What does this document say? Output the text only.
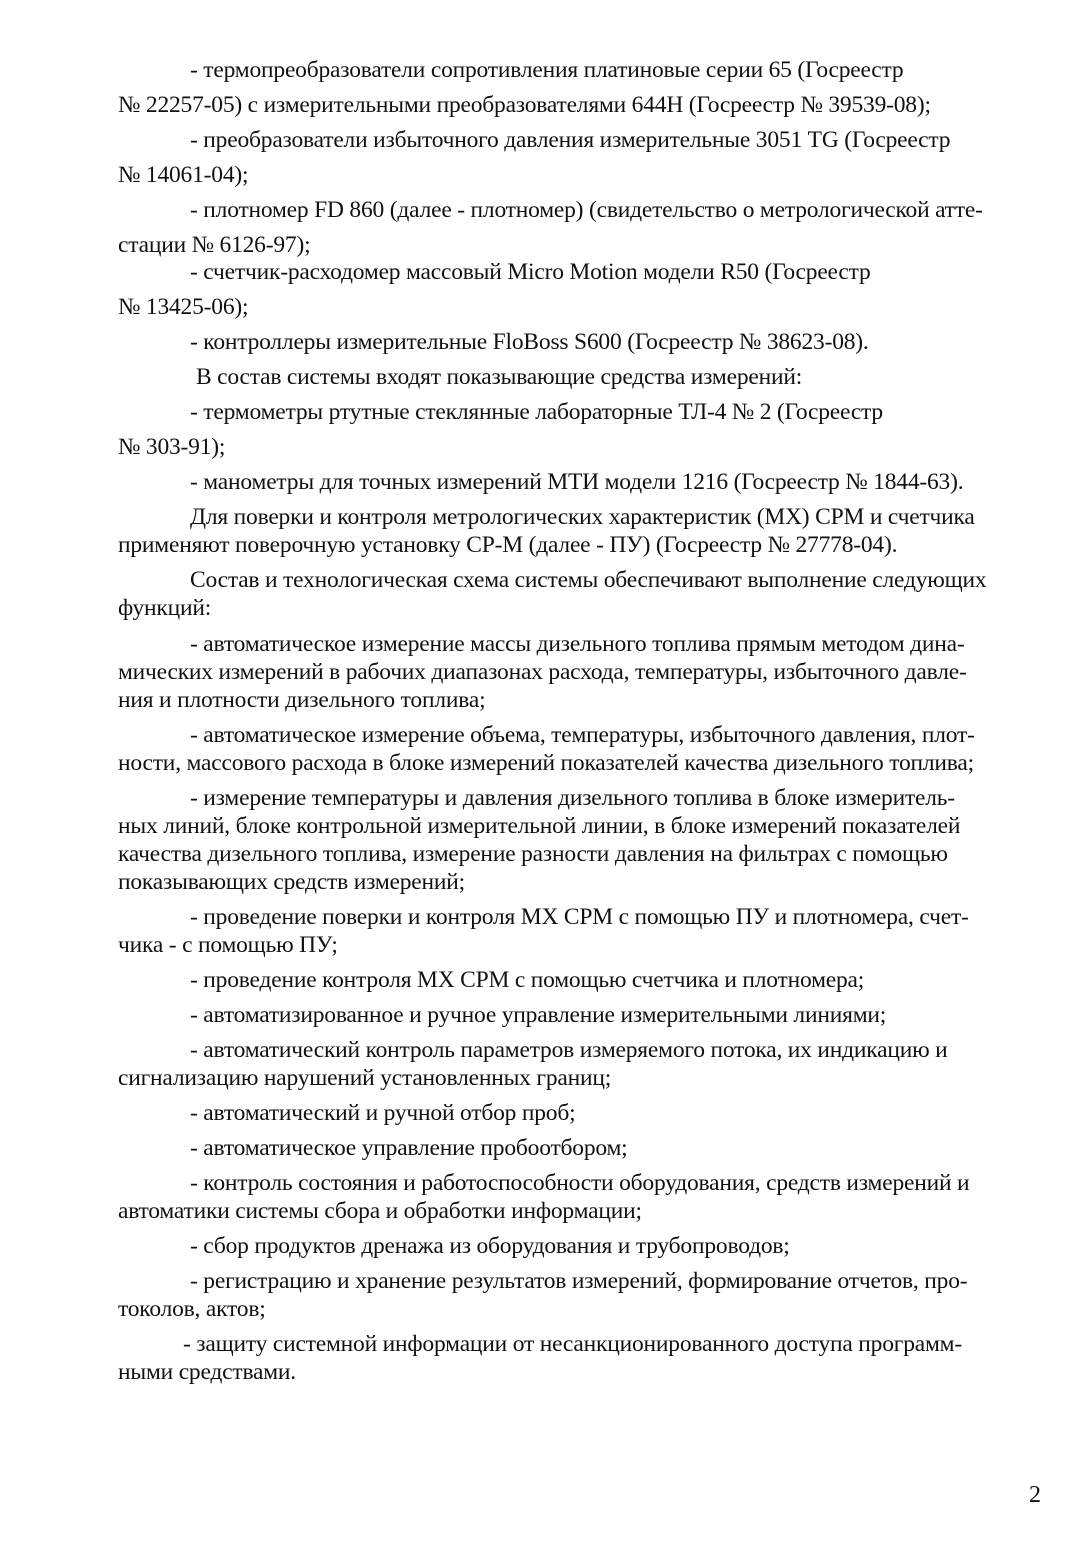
- термопреобразователи сопротивления платиновые серии 65 (Госреестр
№ 22257-05) с измерительными преобразователями 644H (Госреестр № 39539-08);
- преобразователи избыточного давления измерительные 3051 TG (Госреестр
№ 14061-04);
- плотномер FD 860 (далее - плотномер) (свидетельство о метрологической атте-
стации № 6126-97);
- счетчик-расходомер массовый Micro Motion модели R50 (Госреестр
№ 13425-06);
- контроллеры измерительные FloBoss S600 (Госреестр № 38623-08).
В состав системы входят показывающие средства измерений:
- термометры ртутные стеклянные лабораторные ТЛ-4 № 2 (Госреестр
№ 303-91);
- манометры для точных измерений МТИ модели 1216 (Госреестр № 1844-63).
Для поверки и контроля метрологических характеристик (МХ) СРМ и счетчика
применяют поверочную установку СР-М (далее - ПУ) (Госреестр № 27778-04).
Состав и технологическая схема системы обеспечивают выполнение следующих
функций:
- автоматическое измерение массы дизельного топлива прямым методом дина-
мических измерений в рабочих диапазонах расхода, температуры, избыточного давле-
ния и плотности дизельного топлива;
- автоматическое измерение объема, температуры, избыточного давления, плот-
ности, массового расхода в блоке измерений показателей качества дизельного топлива;
- измерение температуры и давления дизельного топлива в блоке измеритель-
ных линий, блоке контрольной измерительной линии, в блоке измерений показателей
качества дизельного топлива, измерение разности давления на фильтрах с помощью
показывающих средств измерений;
- проведение поверки и контроля МХ СРМ с помощью ПУ и плотномера, счет-
чика - с помощью ПУ;
- проведение контроля МХ СРМ с помощью счетчика и плотномера;
- автоматизированное и ручное управление измерительными линиями;
- автоматический контроль параметров измеряемого потока, их индикацию и
сигнализацию нарушений установленных границ;
- автоматический и ручной отбор проб;
- автоматическое управление пробоотбором;
- контроль состояния и работоспособности оборудования, средств измерений и
автоматики системы сбора и обработки информации;
- сбор продуктов дренажа из оборудования и трубопроводов;
- регистрацию и хранение результатов измерений, формирование отчетов, про-
токолов, актов;
- защиту системной информации от несанкционированного доступа программ-
ными средствами.
2
